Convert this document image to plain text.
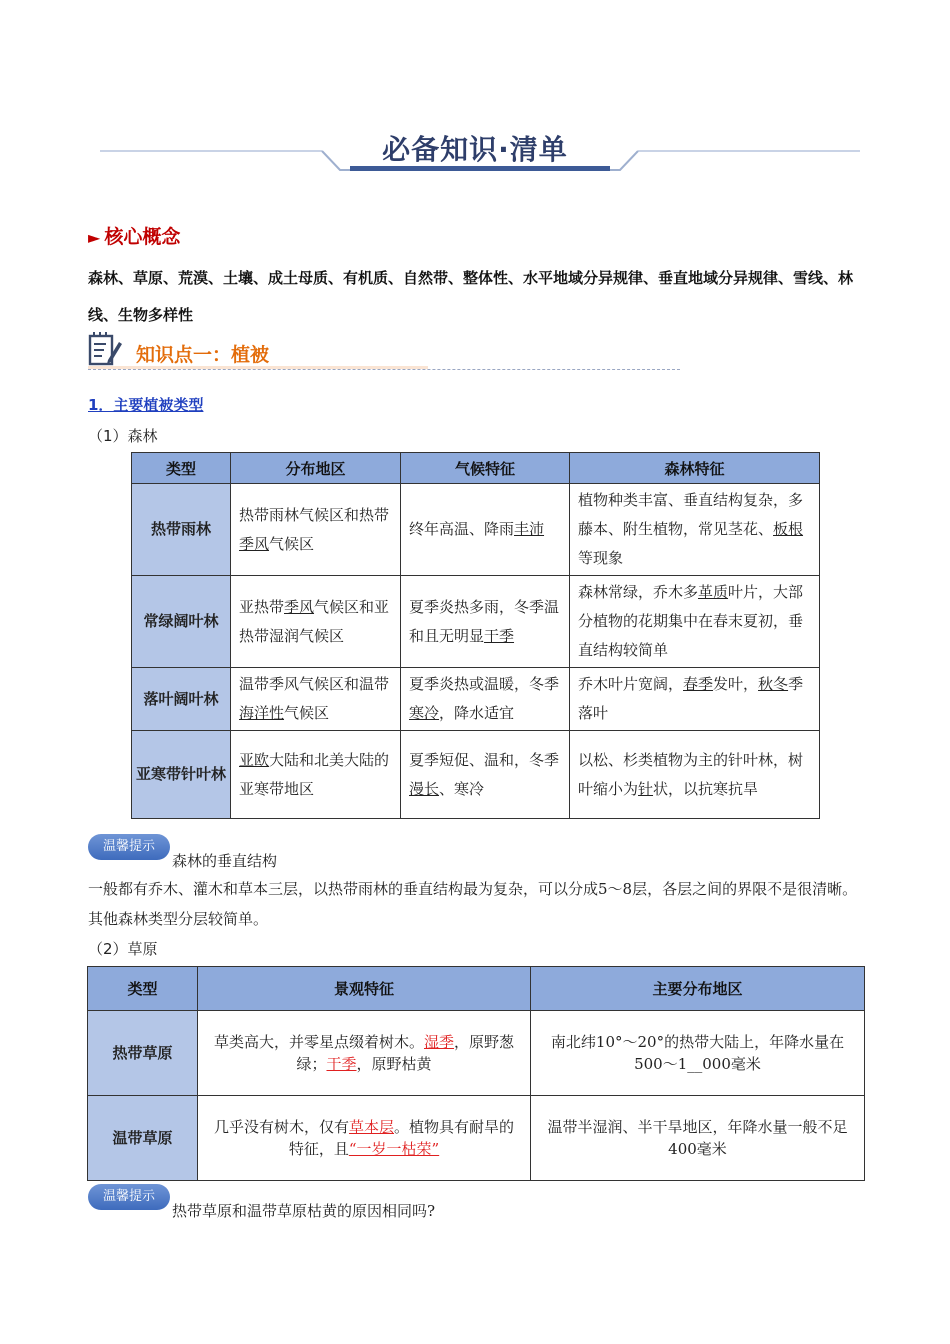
必备知识·清单
► 核心概念
森林、草原、荒漠、土壤、成土母质、有机质、自然带、整体性、水平地域分异规律、垂直地域分异规律、雪线、林线、生物多样性
知识点一：植被
1．主要植被类型
（1）森林
类型	分布地区	气候特征	森林特征
热带雨林	热带雨林气候区和热带季风气候区	终年高温、降雨丰沛	植物种类丰富、垂直结构复杂，多藤本、附生植物，常见茎花、板根等现象
常绿阔叶林	亚热带季风气候区和亚热带湿润气候区	夏季炎热多雨，冬季温和且无明显干季	森林常绿，乔木多革质叶片，大部分植物的花期集中在春末夏初，垂直结构较简单
落叶阔叶林	温带季风气候区和温带海洋性气候区	夏季炎热或温暖，冬季寒冷，降水适宜	乔木叶片宽阔，春季发叶，秋冬季落叶
亚寒带针叶林	亚欧大陆和北美大陆的亚寒带地区	夏季短促、温和，冬季漫长、寒冷	以松、杉类植物为主的针叶林，树叶缩小为针状，以抗寒抗旱
温馨提示
森林的垂直结构
一般都有乔木、灌木和草本三层，以热带雨林的垂直结构最为复杂，可以分成5～8层，各层之间的界限不是很清晰。其他森林类型分层较简单。
（2）草原
类型	景观特征	主要分布地区
热带草原	草类高大，并零星点缀着树木。湿季，原野葱绿；干季，原野枯黄	南北纬10°～20°的热带大陆上，年降水量在500～1__000毫米
温带草原	几乎没有树木，仅有草本层。植物具有耐旱的特征，且“一岁一枯荣”	温带半湿润、半干旱地区，年降水量一般不足400毫米
温馨提示
热带草原和温带草原枯黄的原因相同吗?
